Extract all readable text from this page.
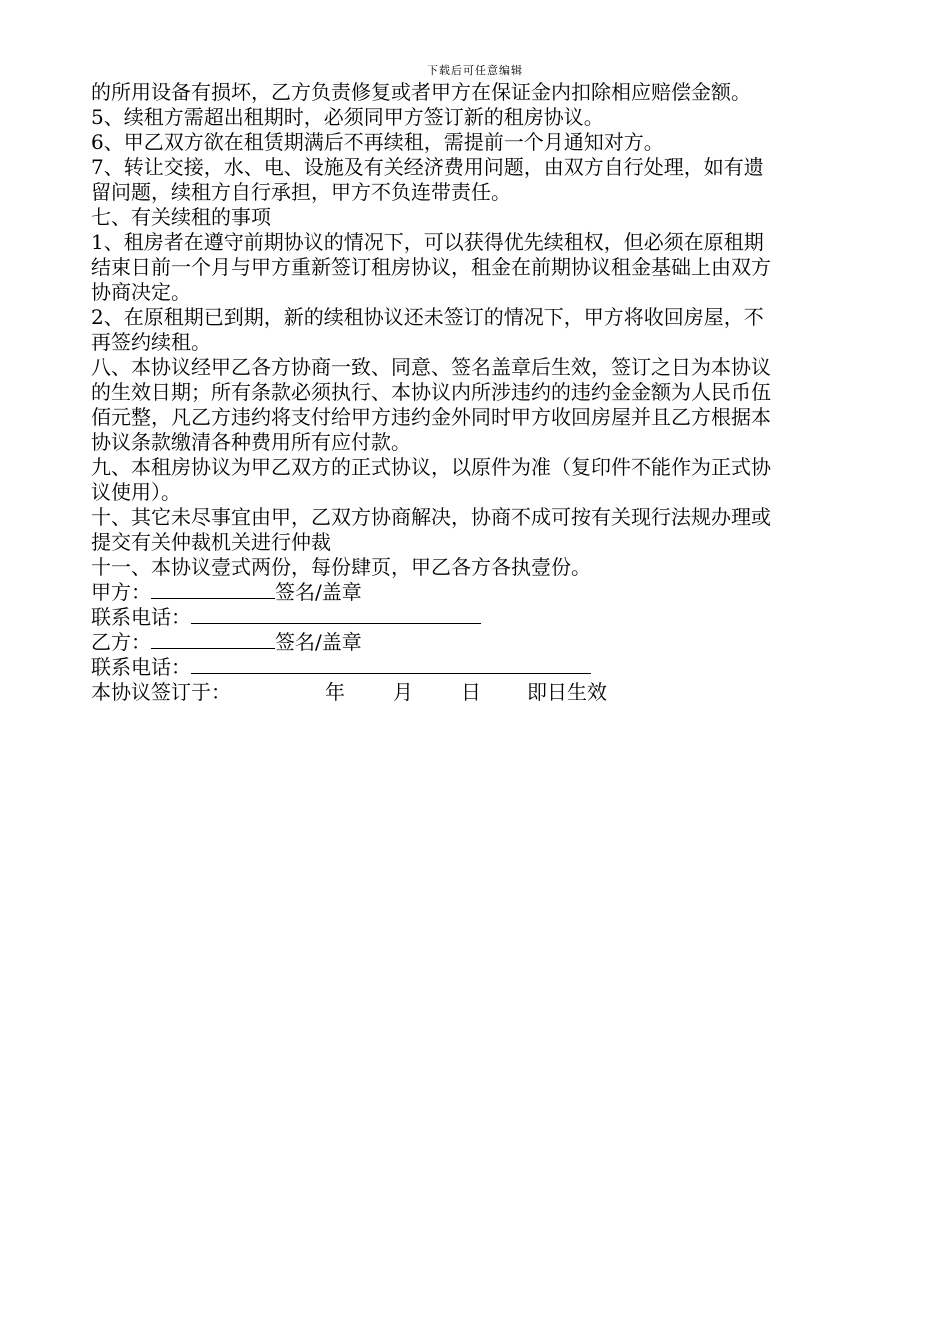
下载后可任意编辑
的所用设备有损坏，乙方负责修复或者甲方在保证金内扣除相应赔偿金额。
5、续租方需超出租期时，必须同甲方签订新的租房协议。
6、甲乙双方欲在租赁期满后不再续租，需提前一个月通知对方。
7、转让交接，水、电、设施及有关经济费用问题，由双方自行处理，如有遗
留问题，续租方自行承担，甲方不负连带责任。
七、有关续租的事项
1、租房者在遵守前期协议的情况下，可以获得优先续租权，但必须在原租期
结束日前一个月与甲方重新签订租房协议，租金在前期协议租金基础上由双方
协商决定。
2、在原租期已到期，新的续租协议还未签订的情况下，甲方将收回房屋，不
再签约续租。
八、本协议经甲乙各方协商一致、同意、签名盖章后生效，签订之日为本协议
的生效日期；所有条款必须执行、本协议内所涉违约的违约金金额为人民币伍
佰元整，凡乙方违约将支付给甲方违约金外同时甲方收回房屋并且乙方根据本
协议条款缴清各种费用所有应付款。
九、本租房协议为甲乙双方的正式协议，以原件为准（复印件不能作为正式协
议使用）。
十、其它未尽事宜由甲，乙双方协商解决，协商不成可按有关现行法规办理或
提交有关仲裁机关进行仲裁
十一、本协议壹式两份，每份肆页，甲乙各方各执壹份。
甲方：	签名/盖章
联系电话：
乙方：	签名/盖章
联系电话：
本协议签订于：	年 月 日 即日生效
